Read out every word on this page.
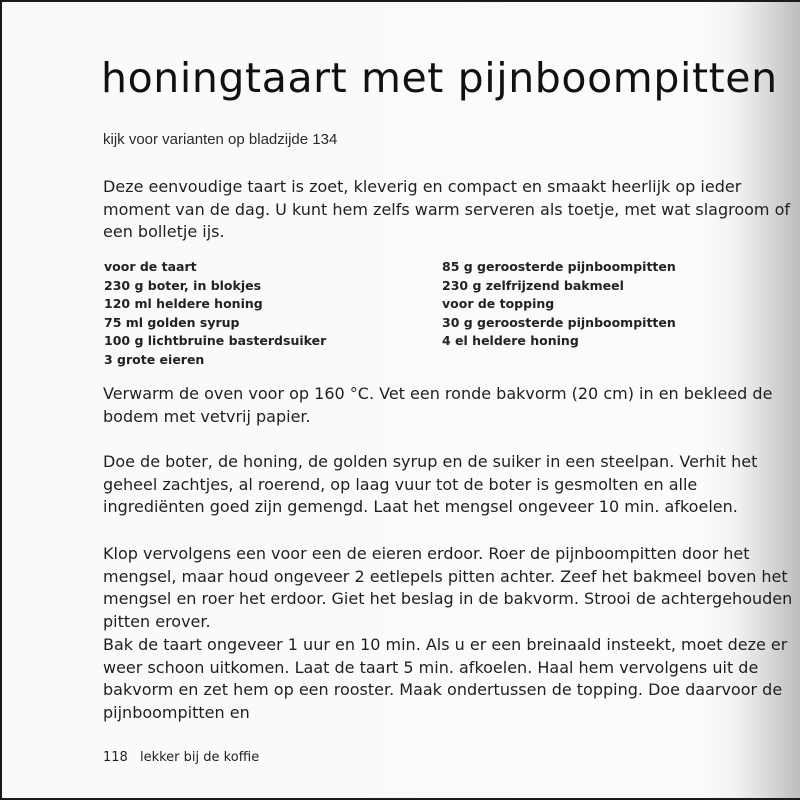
honingtaart met pijnboompitten
kijk voor varianten op bladzijde 134

Deze eenvoudige taart is zoet, kleverig en compact en smaakt heerlijk op ieder moment van de dag. U kunt hem zelfs warm serveren als toetje, met wat slagroom of een bolletje ijs.

voor de taart
230 g boter, in blokjes
120 ml heldere honing
75 ml golden syrup
100 g lichtbruine basterdsuiker
3 grote eieren
85 g geroosterde pijnboompitten
230 g zelfrijzend bakmeel
voor de topping
30 g geroosterde pijnboompitten
4 el heldere honing

Verwarm de oven voor op 160 °C. Vet een ronde bakvorm (20 cm) in en bekleed de bodem met vetvrij papier.

Doe de boter, de honing, de golden syrup en de suiker in een steelpan. Verhit het geheel zachtjes, al roerend, op laag vuur tot de boter is gesmolten en alle ingrediënten goed zijn gemengd. Laat het mengsel ongeveer 10 min. afkoelen.

Klop vervolgens een voor een de eieren erdoor. Roer de pijnboompitten door het mengsel, maar houd ongeveer 2 eetlepels pitten achter. Zeef het bakmeel boven het mengsel en roer het erdoor. Giet het beslag in de bakvorm. Strooi de achtergehouden pitten erover.

Bak de taart ongeveer 1 uur en 10 min. Als u er een breinaald insteekt, moet deze er weer schoon uitkomen. Laat de taart 5 min. afkoelen. Haal hem vervolgens uit de bakvorm en zet hem op een rooster. Maak ondertussen de topping. Doe daarvoor de pijnboompitten en

118 lekker bij de koffie
